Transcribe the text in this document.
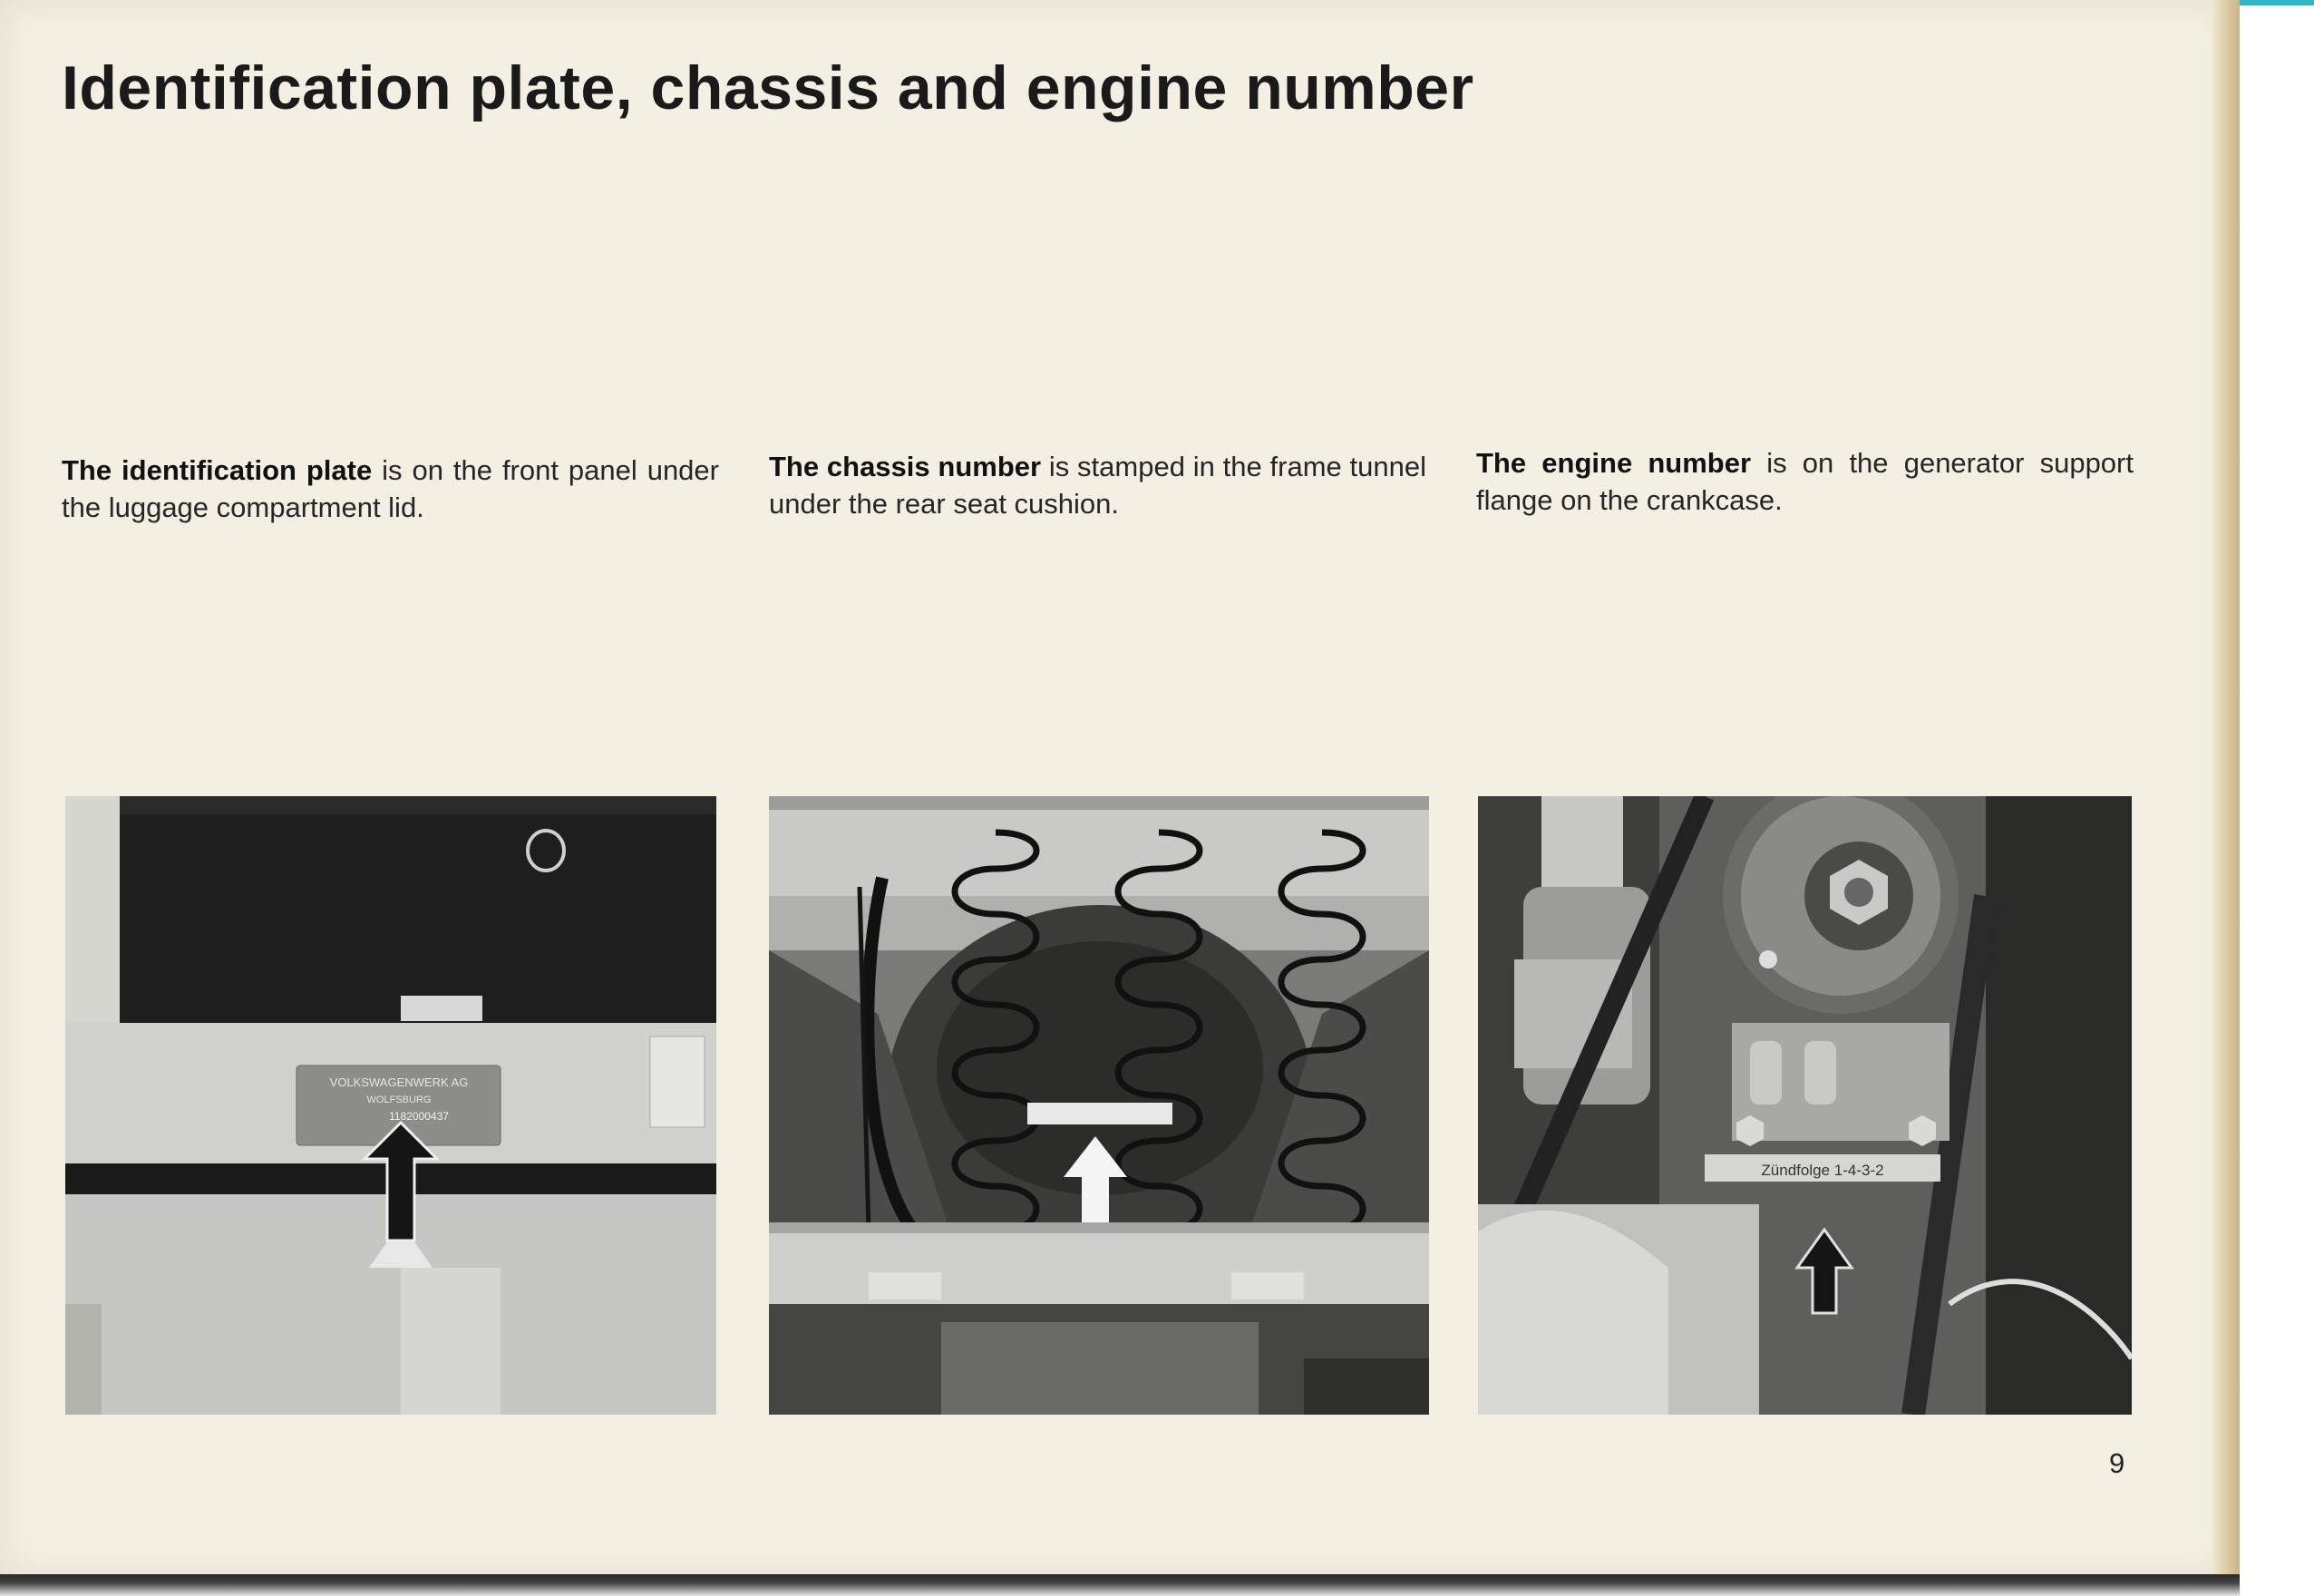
Identification plate, chassis and engine number

The identification plate is on the front panel under the luggage compartment lid.

The chassis number is stamped in the frame tunnel under the rear seat cushion.

The engine number is on the generator support flange on the crankcase.

VOLKSWAGENWERK AG
WOLFSBURG
1182000437
Zündfolge 1-4-3-2
9
